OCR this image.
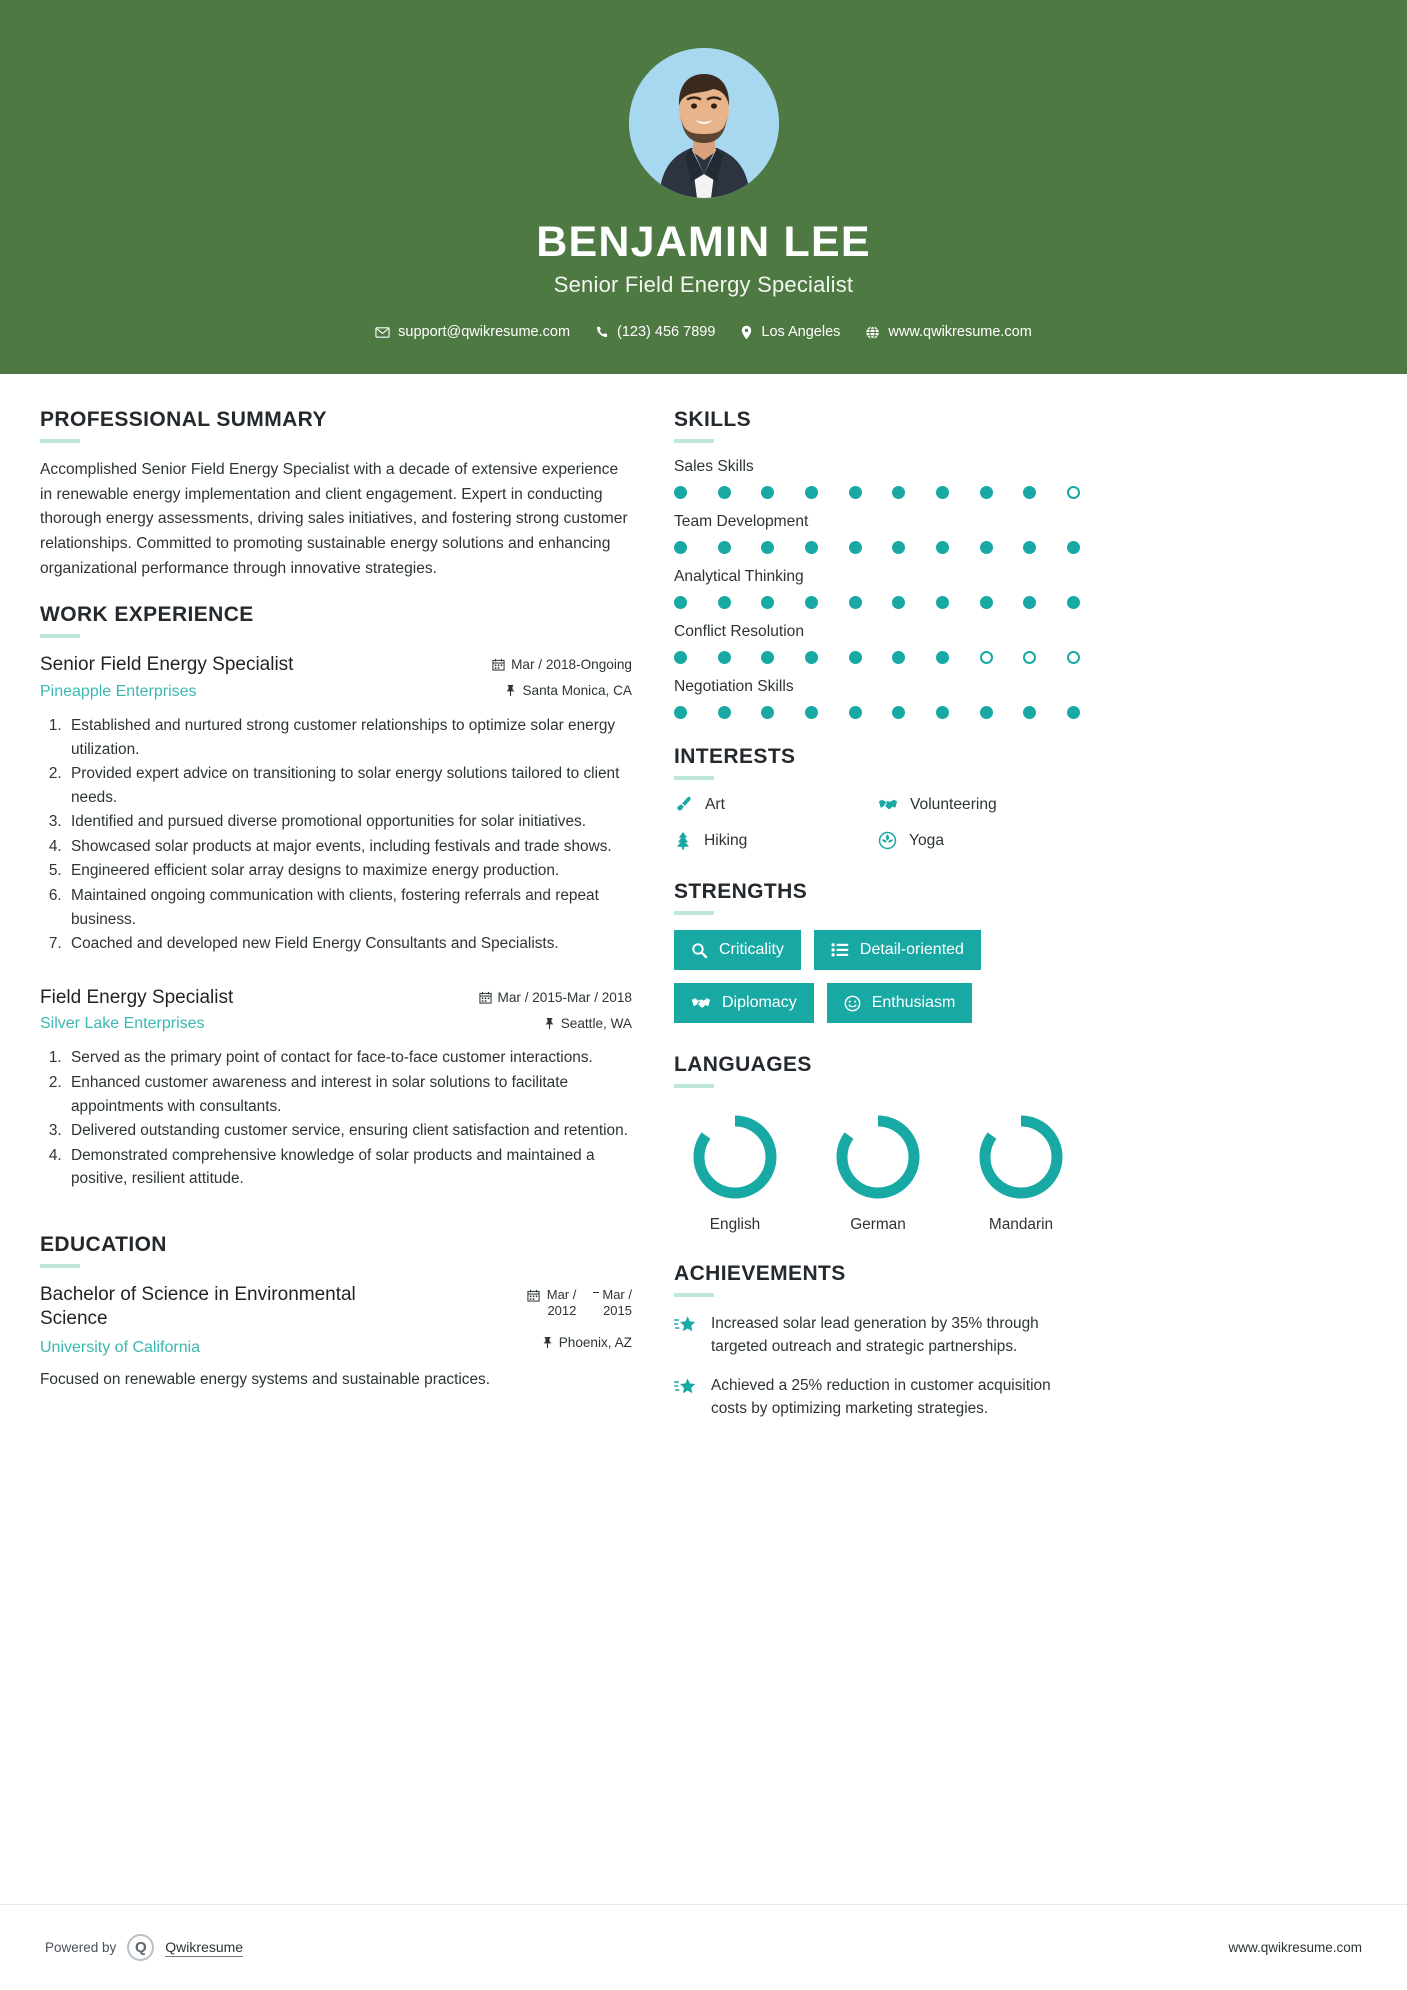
BENJAMIN LEE
Senior Field Energy Specialist
support@qwikresume.com	(123) 456 7899	Los Angeles	www.qwikresume.com
PROFESSIONAL SUMMARY
Accomplished Senior Field Energy Specialist with a decade of extensive experience in renewable energy implementation and client engagement. Expert in conducting thorough energy assessments, driving sales initiatives, and fostering strong customer relationships. Committed to promoting sustainable energy solutions and enhancing organizational performance through innovative strategies.
WORK EXPERIENCE
Senior Field Energy Specialist
Pineapple Enterprises
Mar / 2018-Ongoing
Santa Monica, CA
1. Established and nurtured strong customer relationships to optimize solar energy utilization.
2. Provided expert advice on transitioning to solar energy solutions tailored to client needs.
3. Identified and pursued diverse promotional opportunities for solar initiatives.
4. Showcased solar products at major events, including festivals and trade shows.
5. Engineered efficient solar array designs to maximize energy production.
6. Maintained ongoing communication with clients, fostering referrals and repeat business.
7. Coached and developed new Field Energy Consultants and Specialists.
Field Energy Specialist
Silver Lake Enterprises
Mar / 2015-Mar / 2018
Seattle, WA
1. Served as the primary point of contact for face-to-face customer interactions.
2. Enhanced customer awareness and interest in solar solutions to facilitate appointments with consultants.
3. Delivered outstanding customer service, ensuring client satisfaction and retention.
4. Demonstrated comprehensive knowledge of solar products and maintained a positive, resilient attitude.
EDUCATION
Bachelor of Science in Environmental Science
University of California
Mar /
2012
Mar /
2015
Phoenix, AZ
Focused on renewable energy systems and sustainable practices.
SKILLS
Sales Skills
Team Development
Analytical Thinking
Conflict Resolution
Negotiation Skills
INTERESTS
Art	Volunteering
Hiking	Yoga
STRENGTHS
Criticality	Detail-oriented
Diplomacy	Enthusiasm
LANGUAGES
English	German	Mandarin
ACHIEVEMENTS
Increased solar lead generation by 35% through targeted outreach and strategic partnerships.
Achieved a 25% reduction in customer acquisition costs by optimizing marketing strategies.
Powered by	Q	Qwikresume	www.qwikresume.com
